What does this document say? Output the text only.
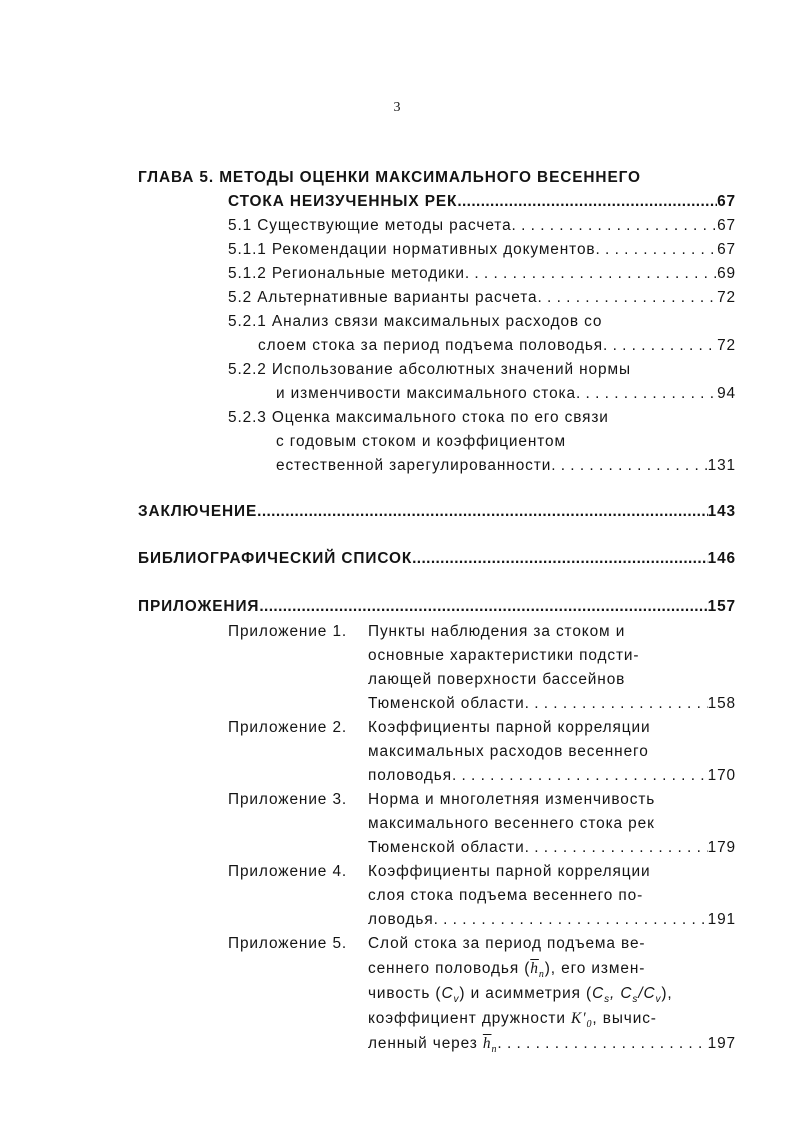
3
ГЛАВА 5. МЕТОДЫ ОЦЕНКИ МАКСИМАЛЬНОГО ВЕСЕННЕГО
СТОКА НЕИЗУЧЕННЫХ РЕК .....	67
5.1 Существующие методы расчета . . .	67
5.1.1 Рекомендации нормативных документов . . .	67
5.1.2 Региональные методики . . .	69
5.2 Альтернативные варианты расчета . . .	72
5.2.1 Анализ связи максимальных расходов со
слоем стока за период подъема половодья . . .	72
5.2.2 Использование абсолютных значений нормы
и изменчивости максимального стока . . .	94
5.2.3 Оценка максимального стока по его связи
с годовым стоком и коэффициентом
естественной зарегулированности . . .	131
ЗАКЛЮЧЕНИЕ .....	143
БИБЛИОГРАФИЧЕСКИЙ СПИСОК .....	146
ПРИЛОЖЕНИЯ .....	157
Приложение 1. Пункты наблюдения за стоком и
основные характеристики подсти-
лающей поверхности бассейнов
Тюменской области . . .	158
Приложение 2. Коэффициенты парной корреляции
максимальных расходов весеннего
половодья . . .	170
Приложение 3. Норма и многолетняя изменчивость
максимального весеннего стока рек
Тюменской области . . .	179
Приложение 4. Коэффициенты парной корреляции
слоя стока подъема весеннего по-
ловодья . . .	191
Приложение 5. Слой стока за период подъема ве-
сеннего половодья $(\overline{h}_п)$, его измен-
чивость $(C_v)$ и асимметрия ($C_s$, $C_s/C_v$),
коэффициент дружности $K'_0$, вычис-
ленный через $\overline{h}_п$ . . .	197
